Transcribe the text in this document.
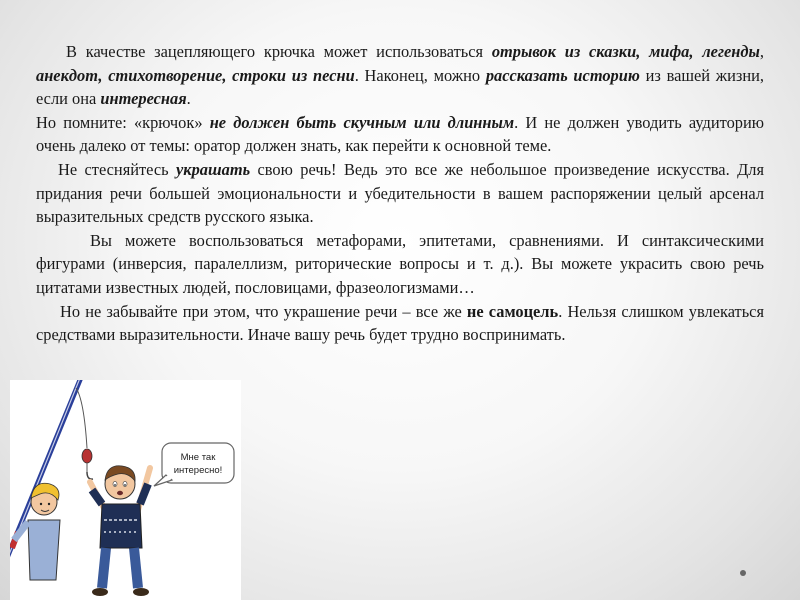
Мне так
интересно!

В качестве зацепляющего крючка может использоваться отрывок из сказки, мифа, легенды, анекдот, стихотворение, строки из песни. Наконец, можно рассказать историю из вашей жизни, если она интересная.

Но помните: «крючок» не должен быть скучным или длинным. И не должен уводить аудиторию очень далеко от темы: оратор должен знать, как перейти к основной теме.

Не стесняйтесь украшать свою речь! Ведь это все же небольшое произведение искусства. Для придания речи большей эмоциональности и убедительности в вашем распоряжении целый арсенал выразительных средств русского языка.

Вы можете воспользоваться метафорами, эпитетами, сравнениями. И синтаксическими фигурами (инверсия, паралеллизм, риторические вопросы и т. д.). Вы можете украсить свою речь цитатами известных людей, пословицами, фразеологизмами…

Но не забывайте при этом, что украшение речи – все же не самоцель. Нельзя слишком увлекаться средствами выразительности. Иначе вашу речь будет трудно воспринимать.
